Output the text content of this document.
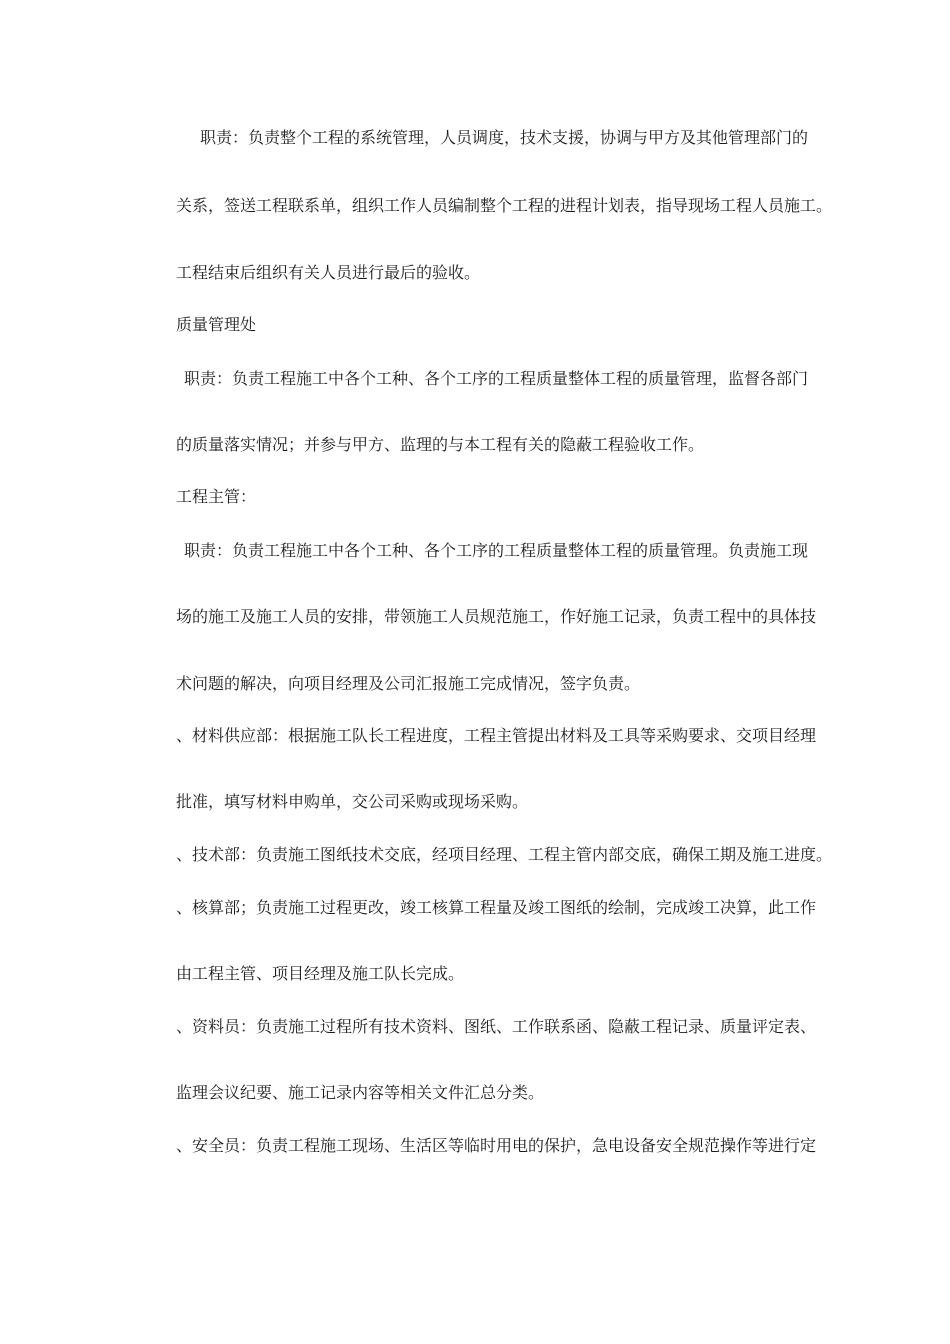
职责：负责整个工程的系统管理，人员调度，技术支援，协调与甲方及其他管理部门的
关系，签送工程联系单，组织工作人员编制整个工程的进程计划表，指导现场工程人员施工。
工程结束后组织有关人员进行最后的验收。
质量管理处
职责：负责工程施工中各个工种、各个工序的工程质量整体工程的质量管理，监督各部门
的质量落实情况；并参与甲方、监理的与本工程有关的隐蔽工程验收工作。
工程主管：
职责：负责工程施工中各个工种、各个工序的工程质量整体工程的质量管理。负责施工现
场的施工及施工人员的安排，带领施工人员规范施工，作好施工记录，负责工程中的具体技
术问题的解决，向项目经理及公司汇报施工完成情况，签字负责。
、材料供应部：根据施工队长工程进度，工程主管提出材料及工具等采购要求、交项目经理
批准，填写材料申购单，交公司采购或现场采购。
、技术部：负责施工图纸技术交底，经项目经理、工程主管内部交底，确保工期及施工进度。
、核算部；负责施工过程更改，竣工核算工程量及竣工图纸的绘制，完成竣工决算，此工作
由工程主管、项目经理及施工队长完成。
、资料员：负责施工过程所有技术资料、图纸、工作联系函、隐蔽工程记录、质量评定表、
监理会议纪要、施工记录内容等相关文件汇总分类。
、安全员：负责工程施工现场、生活区等临时用电的保护，急电设备安全规范操作等进行定
